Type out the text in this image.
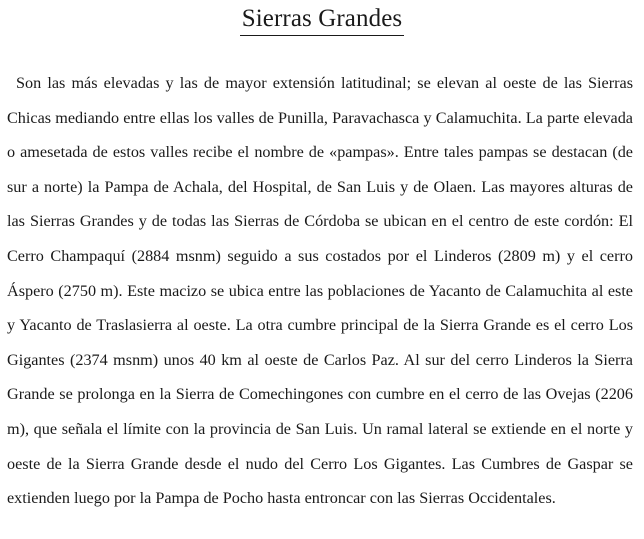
Sierras Grandes

Son las más elevadas y las de mayor extensión latitudinal; se elevan al oeste de las Sierras Chicas mediando entre ellas los valles de Punilla, Paravachasca y Calamuchita. La parte elevada o amesetada de estos valles recibe el nombre de «pampas». Entre tales pampas se destacan (de sur a norte) la Pampa de Achala, del Hospital, de San Luis y de Olaen. Las mayores alturas de las Sierras Grandes y de todas las Sierras de Córdoba se ubican en el centro de este cordón: El Cerro Champaquí (2884 msnm) seguido a sus costados por el Linderos (2809 m) y el cerro Áspero (2750 m). Este macizo se ubica entre las poblaciones de Yacanto de Calamuchita al este y Yacanto de Traslasierra al oeste. La otra cumbre principal de la Sierra Grande es el cerro Los Gigantes (2374 msnm) unos 40 km al oeste de Carlos Paz. Al sur del cerro Linderos la Sierra Grande se prolonga en la Sierra de Comechingones con cumbre en el cerro de las Ovejas (2206 m), que señala el límite con la provincia de San Luis. Un ramal lateral se extiende en el norte y oeste de la Sierra Grande desde el nudo del Cerro Los Gigantes. Las Cumbres de Gaspar se extienden luego por la Pampa de Pocho hasta entroncar con las Sierras Occidentales.
